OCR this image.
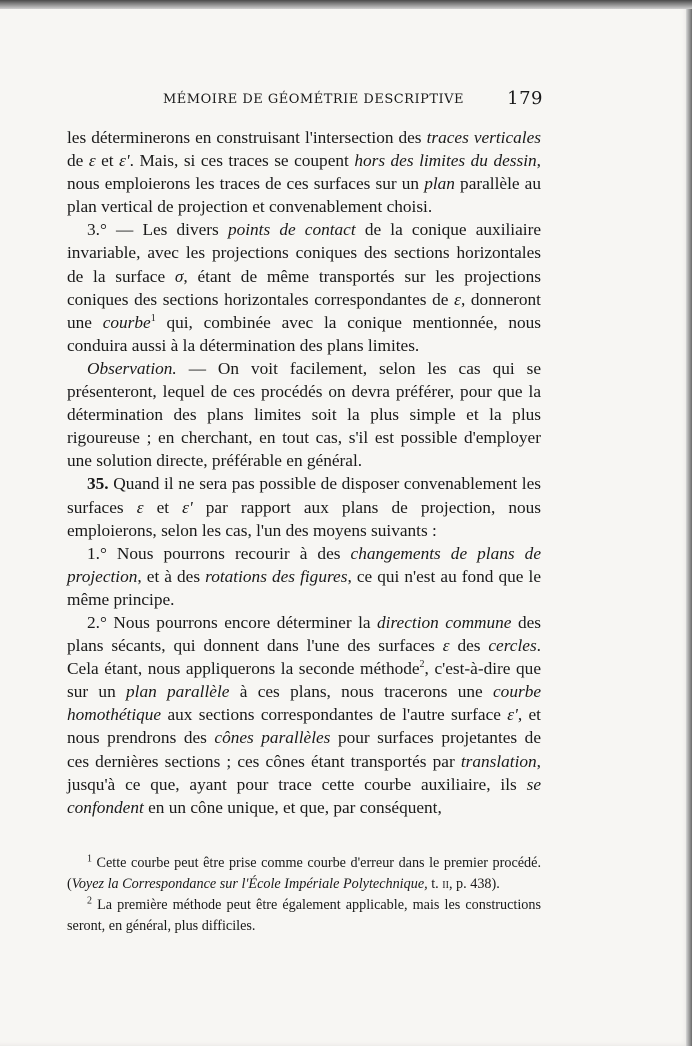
MÉMOIRE DE GÉOMÉTRIE DESCRIPTIVE 179

les déterminerons en construisant l'intersection des traces verticales de ɛ et ɛ'. Mais, si ces traces se coupent hors des limites du dessin, nous emploierons les traces de ces surfaces sur un plan parallèle au plan vertical de projection et convenablement choisi.

3.° — Les divers points de contact de la conique auxiliaire invariable, avec les projections coniques des sections horizontales de la surface σ, étant de même transportés sur les projections coniques des sections horizontales correspondantes de ɛ, donneront une courbe$^1$ qui, combinée avec la conique mentionnée, nous conduira aussi à la détermination des plans limites.

Observation. — On voit facilement, selon les cas qui se présenteront, lequel de ces procédés on devra préférer, pour que la détermination des plans limites soit la plus simple et la plus rigoureuse ; en cherchant, en tout cas, s'il est possible d'employer une solution directe, préférable en général.

35. Quand il ne sera pas possible de disposer convenablement les surfaces ɛ et ɛ' par rapport aux plans de projection, nous emploierons, selon les cas, l'un des moyens suivants :

1.° Nous pourrons recourir à des changements de plans de projection, et à des rotations des figures, ce qui n'est au fond que le même principe.

2.° Nous pourrons encore déterminer la direction commune des plans sécants, qui donnent dans l'une des surfaces ɛ des cercles. Cela étant, nous appliquerons la seconde méthode$^2$, c'est-à-dire que sur un plan parallèle à ces plans, nous tracerons une courbe homothétique aux sections correspondantes de l'autre surface ɛ', et nous prendrons des cônes parallèles pour surfaces projetantes de ces dernières sections ; ces cônes étant transportés par translation, jusqu'à ce que, ayant pour trace cette courbe auxiliaire, ils se confondent en un cône unique, et que, par conséquent,

$^1$ Cette courbe peut être prise comme courbe d'erreur dans le premier procédé. (Voyez la Correspondance sur l'École Impériale Polytechnique, t. ii, p. 438).

$^2$ La première méthode peut être également applicable, mais les constructions seront, en général, plus difficiles.
